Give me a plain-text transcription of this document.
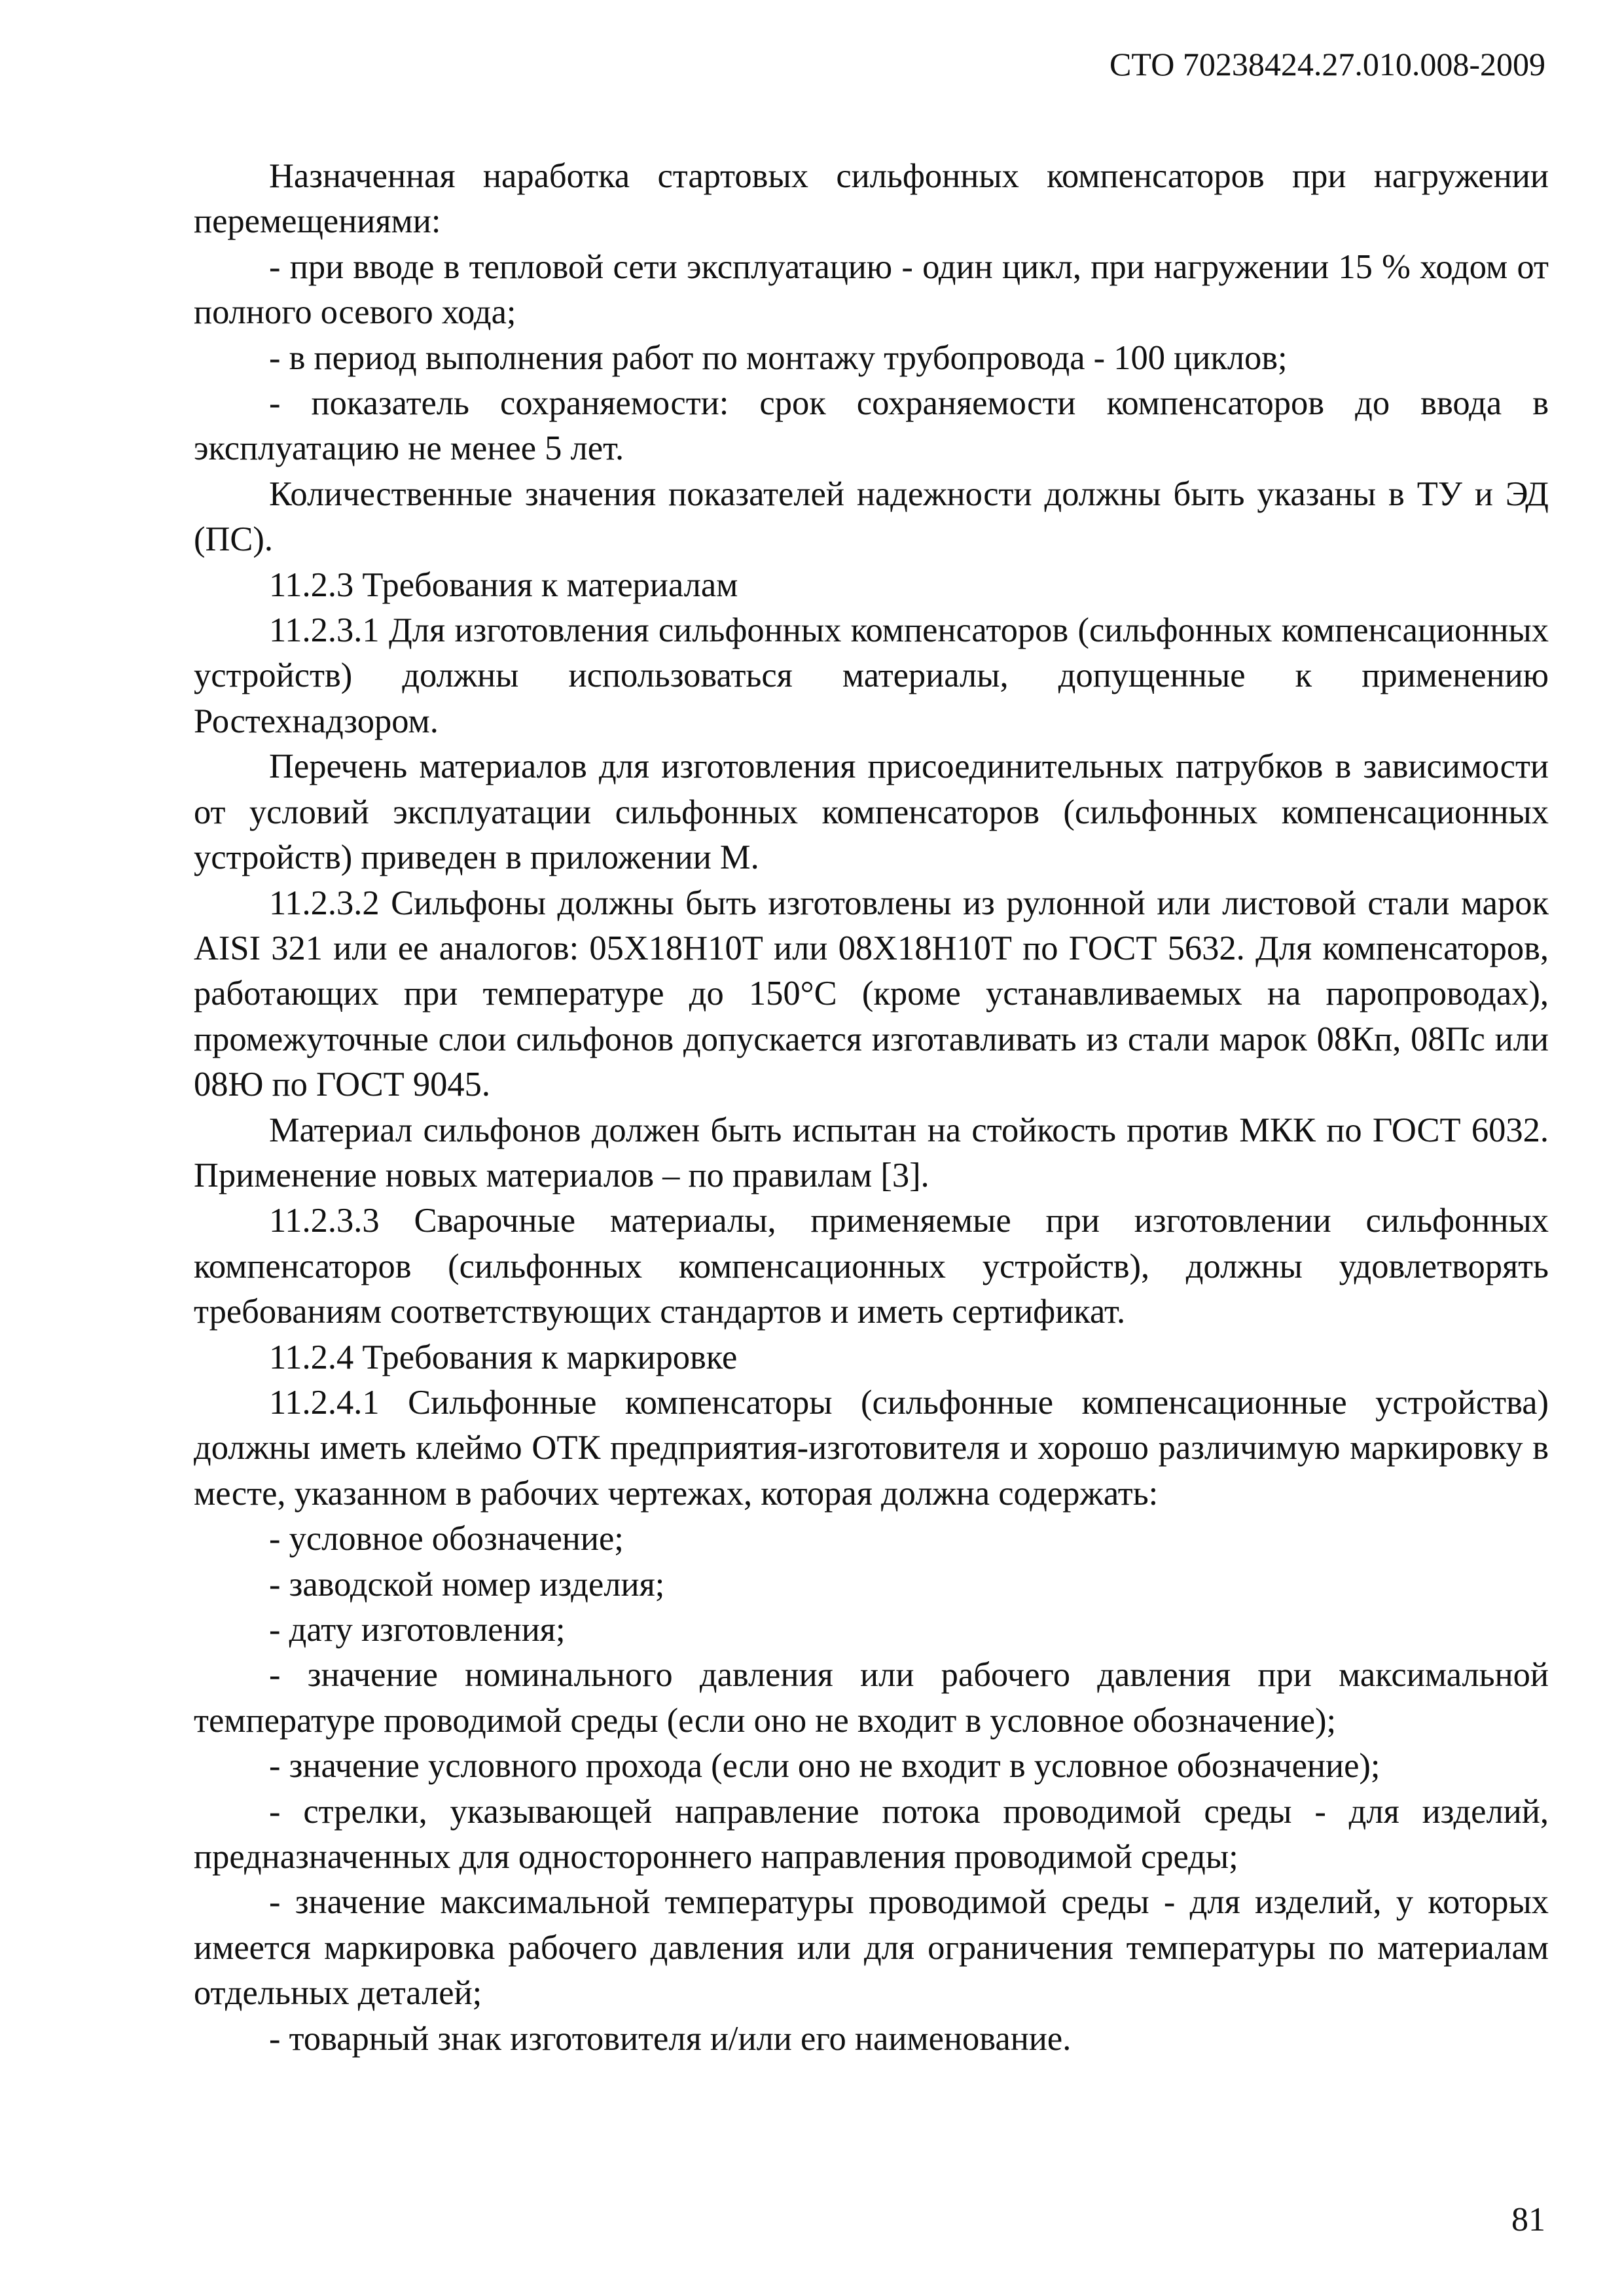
СТО 70238424.27.010.008-2009

Назначенная наработка стартовых сильфонных компенсаторов при нагружении перемещениями:

- при вводе в тепловой сети эксплуатацию - один цикл, при нагружении 15 % ходом от полного осевого хода;

- в период выполнения работ по монтажу трубопровода - 100 циклов;

- показатель сохраняемости: срок сохраняемости компенсаторов до ввода в эксплуатацию не менее 5 лет.

Количественные значения показателей надежности должны быть указаны в ТУ и ЭД (ПС).

11.2.3 Требования к материалам

11.2.3.1 Для изготовления сильфонных компенсаторов (сильфонных компенсационных устройств) должны использоваться материалы, допущенные к применению Ростехнадзором.

Перечень материалов для изготовления присоединительных патрубков в зависимости от условий эксплуатации сильфонных компенсаторов (сильфонных компенсационных устройств) приведен в приложении М.

11.2.3.2 Сильфоны должны быть изготовлены из рулонной или листовой стали марок AISI 321 или ее аналогов: 05Х18Н10Т или 08Х18Н10Т по ГОСТ 5632. Для компенсаторов, работающих при температуре до 150°С (кроме устанавливаемых на паропроводах), промежуточные слои сильфонов допускается изготавливать из стали марок 08Кп, 08Пс или 08Ю по ГОСТ 9045.

Материал сильфонов должен быть испытан на стойкость против МКК по ГОСТ 6032. Применение новых материалов – по правилам [3].

11.2.3.3 Сварочные материалы, применяемые при изготовлении сильфонных компенсаторов (сильфонных компенсационных устройств), должны удовлетворять требованиям соответствующих стандартов и иметь сертификат.

11.2.4 Требования к маркировке

11.2.4.1 Сильфонные компенсаторы (сильфонные компенсационные устройства) должны иметь клеймо ОТК предприятия-изготовителя и хорошо различимую маркировку в месте, указанном в рабочих чертежах, которая должна содержать:

- условное обозначение;

- заводской номер изделия;

- дату изготовления;

- значение номинального давления или рабочего давления при максимальной температуре проводимой среды (если оно не входит в условное обозначение);

- значение условного прохода (если оно не входит в условное обозначение);

- стрелки, указывающей направление потока проводимой среды - для изделий, предназначенных для одностороннего направления проводимой среды;

- значение максимальной температуры проводимой среды - для изделий, у которых имеется маркировка рабочего давления или для ограничения температуры по материалам отдельных деталей;

- товарный знак изготовителя и/или его наименование.

81
